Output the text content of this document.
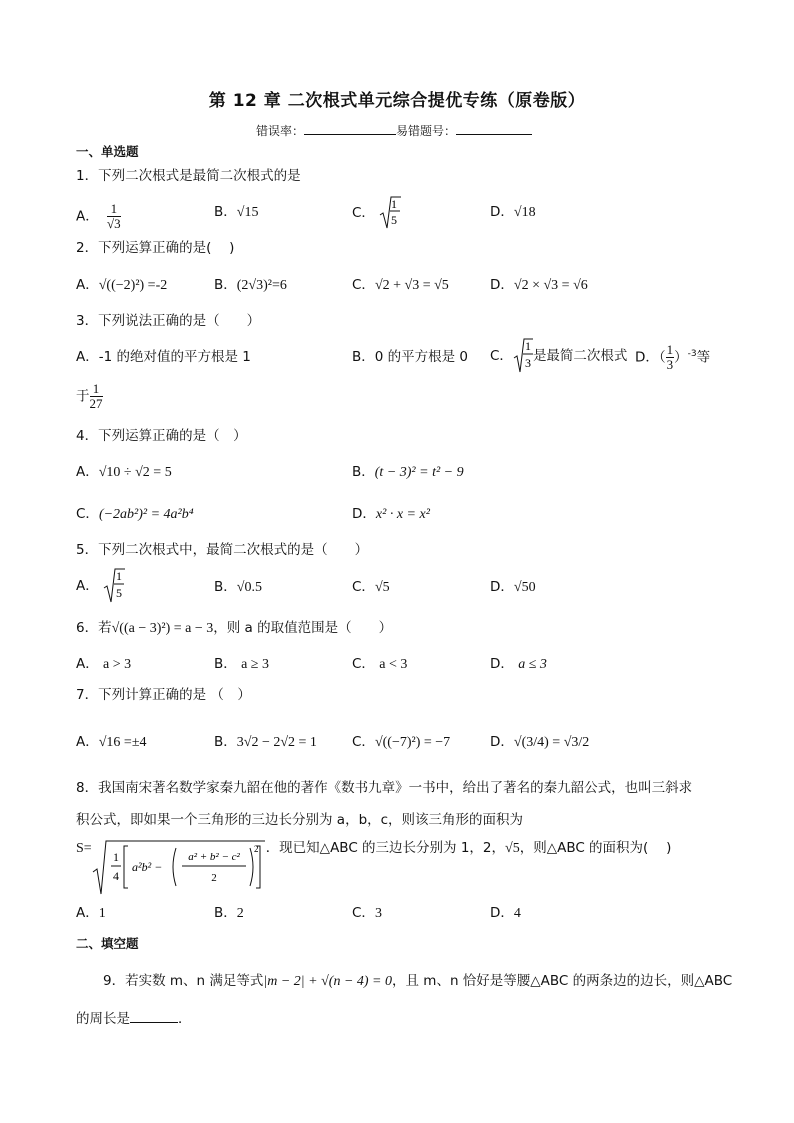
第 12 章 二次根式单元综合提优专练（原卷版）
错误率：	易错题号：
一、单选题
1．下列二次根式是最简二次根式的是
A． $\frac{1}{√3}$	B．√15	C．
1
5	D．√18
2．下列运算正确的是(　 )
A．√((−2)²) =-2	B．(2√3)²=6	C．√2 + √3 = √5	D．√2 × √3 = √6
3．下列说法正确的是（　　）
A．-1 的绝对值的平方根是 1	B．0 的平方根是 0 C．
1
3 是最简二次根式 D．（ $\frac{1}{3} )^{-3}$等
于 $\frac{1}{27}$
4．下列运算正确的是（　）
A．√10 ÷ √2 = 5	B．(t − 3)² = t² − 9
C．(−2ab²)² = 4a²b⁴	D．x² · x = x²
5．下列二次根式中，最简二次根式的是（　　）
A．
1
5	B．√0.5	C．√5	D．√50
6．若√((a − 3)²) = a − 3，则 a 的取值范围是（　　）
A． a > 3	B． a ≥ 3	C． a < 3	D． a ≤ 3
7．下列计算正确的是 （　）
A．√16 =±4	B．3√2 − 2√2 = 1	C．√((−7)²) = −7	D．√(3/4) = √3/2
8．我国南宋著名数学家秦九韶在他的著作《数书九章》一书中，给出了著名的秦九韶公式，也叫三斜求
积公式，即如果一个三角形的三边长分别为 a，b，c，则该三角形的面积为
S=
1
4
a²b² −
a² + b² − c²
2
2 ．现已知△ABC 的三边长分别为 1，2，√5，则△ABC 的面积为(　 )
A．1	B．2	C．3	D．4
二、填空题
9．若实数 m、n 满足等式|m − 2| + √(n − 4) = 0，且 m、n 恰好是等腰△ABC 的两条边的边长，则△ABC
的周长是	．
